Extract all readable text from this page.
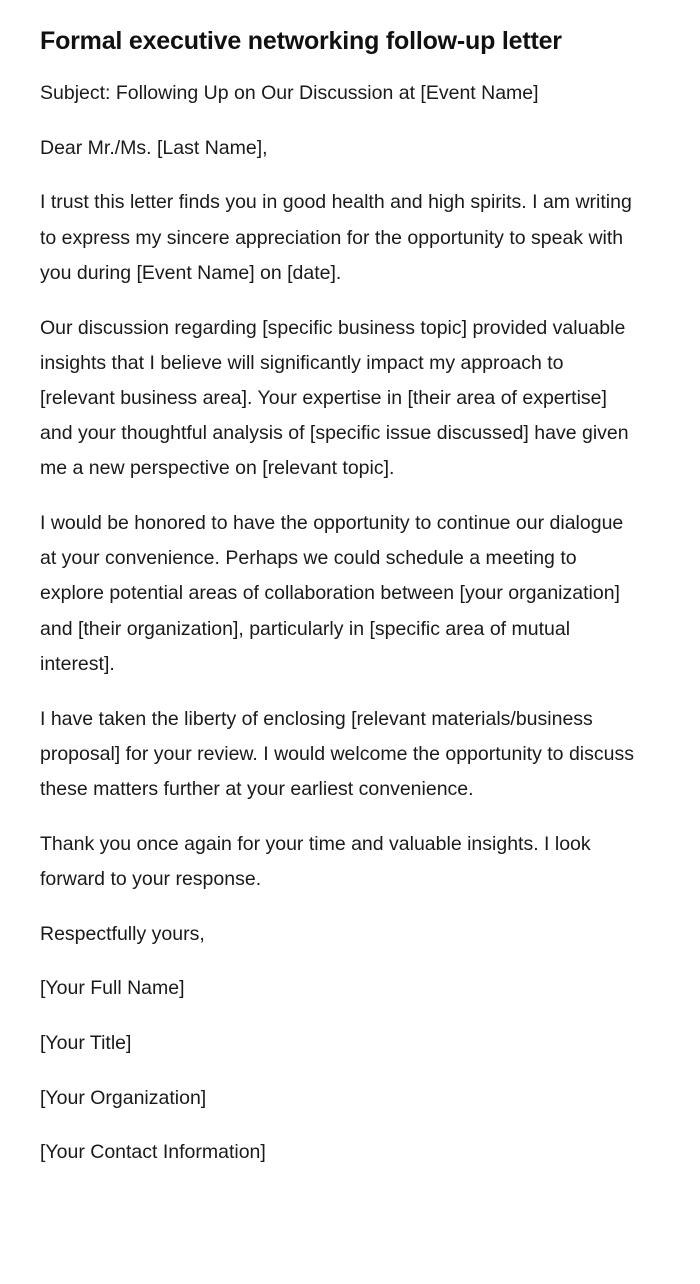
Formal executive networking follow-up letter

Subject: Following Up on Our Discussion at [Event Name]

Dear Mr./Ms. [Last Name],

I trust this letter finds you in good health and high spirits. I am writing to express my sincere appreciation for the opportunity to speak with you during [Event Name] on [date].

Our discussion regarding [specific business topic] provided valuable insights that I believe will significantly impact my approach to [relevant business area]. Your expertise in [their area of expertise] and your thoughtful analysis of [specific issue discussed] have given me a new perspective on [relevant topic].

I would be honored to have the opportunity to continue our dialogue at your convenience. Perhaps we could schedule a meeting to explore potential areas of collaboration between [your organization] and [their organization], particularly in [specific area of mutual interest].

I have taken the liberty of enclosing [relevant materials/business proposal] for your review. I would welcome the opportunity to discuss these matters further at your earliest convenience.

Thank you once again for your time and valuable insights. I look forward to your response.

Respectfully yours,

[Your Full Name]

[Your Title]

[Your Organization]

[Your Contact Information]
